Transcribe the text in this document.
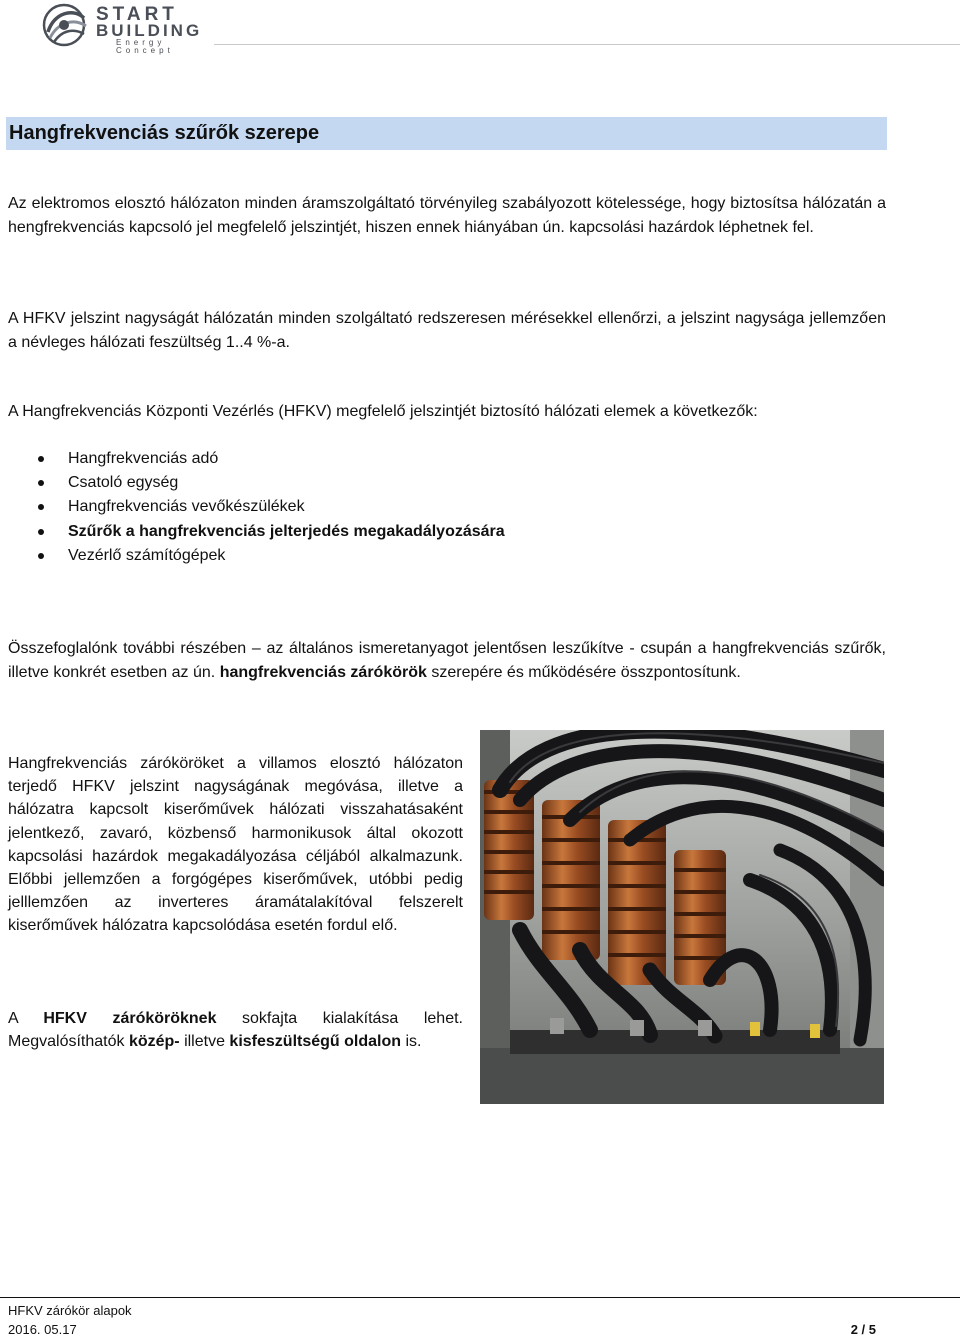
START
BUILDING
Energy Concept
Hangfrekvenciás szűrők szerepe

Az elektromos elosztó hálózaton minden áramszolgáltató törvényileg szabályozott kötelessége, hogy biztosítsa hálózatán a hengfrekvenciás kapcsoló jel megfelelő jelszintjét, hiszen ennek hiányában ún. kapcsolási hazárdok léphetnek fel.

A HFKV jelszint nagyságát hálózatán minden szolgáltató redszeresen mérésekkel ellenőrzi, a jelszint nagysága jellemzően a névleges hálózati feszültség 1..4 %-a.

A Hangfrekvenciás Központi Vezérlés (HFKV) megfelelő jelszintjét biztosító hálózati elemek a következők:

Hangfrekvenciás adó
Csatoló egység
Hangfrekvenciás vevőkészülékek
Szűrők a hangfrekvenciás jelterjedés megakadályozására
Vezérlő számítógépek

Összefoglalónk további részében – az általános ismeretanyagot jelentősen leszűkítve - csupán a hangfrekvenciás szűrők, illetve konkrét esetben az ún. hangfrekvenciás zárókörök szerepére és működésére összpontosítunk.

Hangfrekvenciás záróköröket a villamos elosztó hálózaton terjedő HFKV jelszint nagyságának megóvása, illetve a hálózatra kapcsolt kiserőművek hálózati visszahatásaként jelentkező, zavaró, közbenső harmonikusok által okozott kapcsolási hazárdok megakadályozása céljából alkalmazunk. Előbbi jellemzően a forgógépes kiserőművek, utóbbi pedig jelllemzően az inverteres áramátalakítóval felszerelt kiserőművek hálózatra kapcsolódása esetén fordul elő.

A HFKV záróköröknek sokfajta kialakítása lehet. Megvalósíthatók közép- illetve kisfeszültségű oldalon is.

HFKV zárókör alapok
2016. 05.17	2 / 5
